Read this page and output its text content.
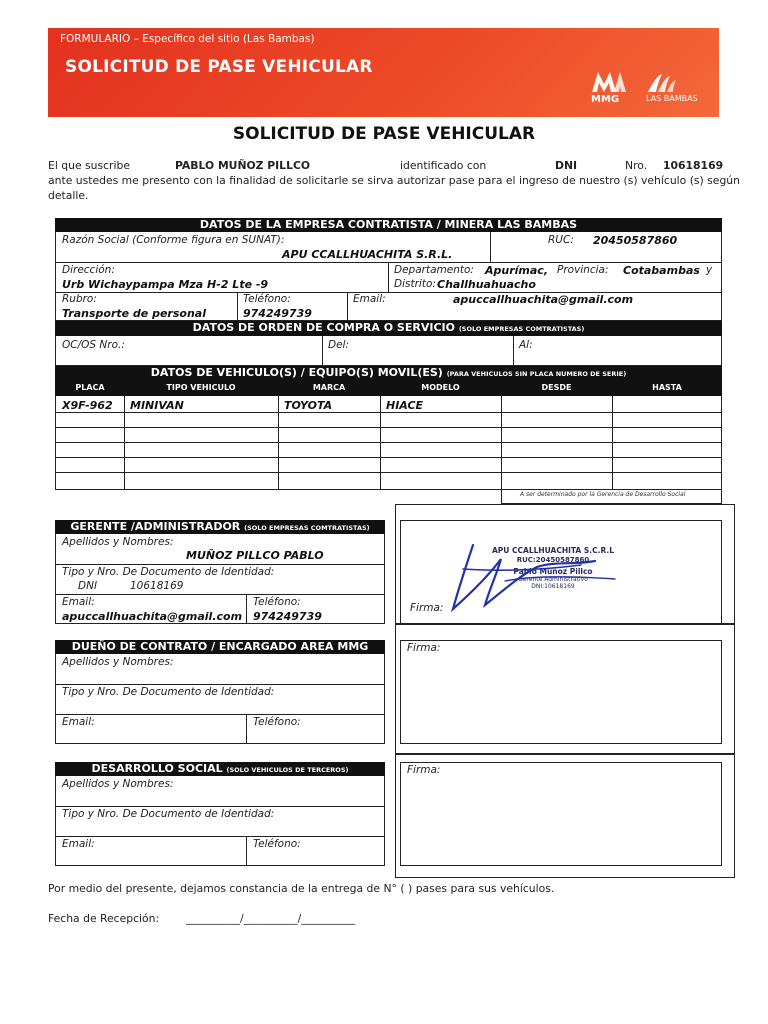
FORMULARIO – Específico del sitio (Las Bambas)
SOLICITUD DE PASE VEHICULAR
MMG	LAS BAMBAS
SOLICITUD DE PASE VEHICULAR
El que suscribe	PABLO MUÑOZ PILLCO	identificado con	DNI	Nro. 10618169
ante ustedes me presento con la finalidad de solicitarle se sirva autorizar pase para el ingreso de nuestro (s) vehículo (s) según
detalle.
DATOS DE LA EMPRESA CONTRATISTA / MINERA LAS BAMBAS
Razón Social (Conforme figura en SUNAT):
APU CCALLHUACHITA S.R.L.
RUC: 20450587860
Dirección:
Urb Wichaypampa Mza H-2 Lte -9
Departamento: Apurímac, Provincia: Cotabambas y
Distrito: Challhuahuacho
Rubro:
Transporte de personal
Teléfono:
974249739
Email:	apuccallhuachita@gmail.com
DATOS DE ORDEN DE COMPRA O SERVICIO (SOLO EMPRESAS COMTRATISTAS)
OC/OS Nro.:	Del:	Al:
DATOS DE VEHICULO(S) / EQUIPO(S) MOVIL(ES) (PARA VEHICULOS SIN PLACA NUMERO DE SERIE)
PLACA	TIPO VEHICULO	MARCA	MODELO	DESDE	HASTA
X9F-962 MINIVAN	TOYOTA	HIACE
A ser determinado por la Gerencia de Desarrollo Social
GERENTE /ADMINISTRADOR (SOLO EMPRESAS COMTRATISTAS)
Apellidos y Nombres:
MUÑOZ PILLCO PABLO
Tipo y Nro. De Documento de Identidad:
DNI	10618169
Email:
apuccallhuachita@gmail.com
Teléfono:
974249739
Firma:
APU CCALLHUACHITA S.C.R.L
RUC:20450587860
Pablo Muñoz Pillco
Gerente Administrativo
DNI:10618169
DUEÑO DE CONTRATO / ENCARGADO AREA MMG
Apellidos y Nombres:
Tipo y Nro. De Documento de Identidad:
Email:	Teléfono:
Firma:
DESARROLLO SOCIAL (SOLO VEHICULOS DE TERCEROS)
Apellidos y Nombres:
Tipo y Nro. De Documento de Identidad:
Email:	Teléfono:
Firma:
Por medio del presente, dejamos constancia de la entrega de N° ( ) pases para sus vehículos.
Fecha de Recepción: __________/__________/__________
